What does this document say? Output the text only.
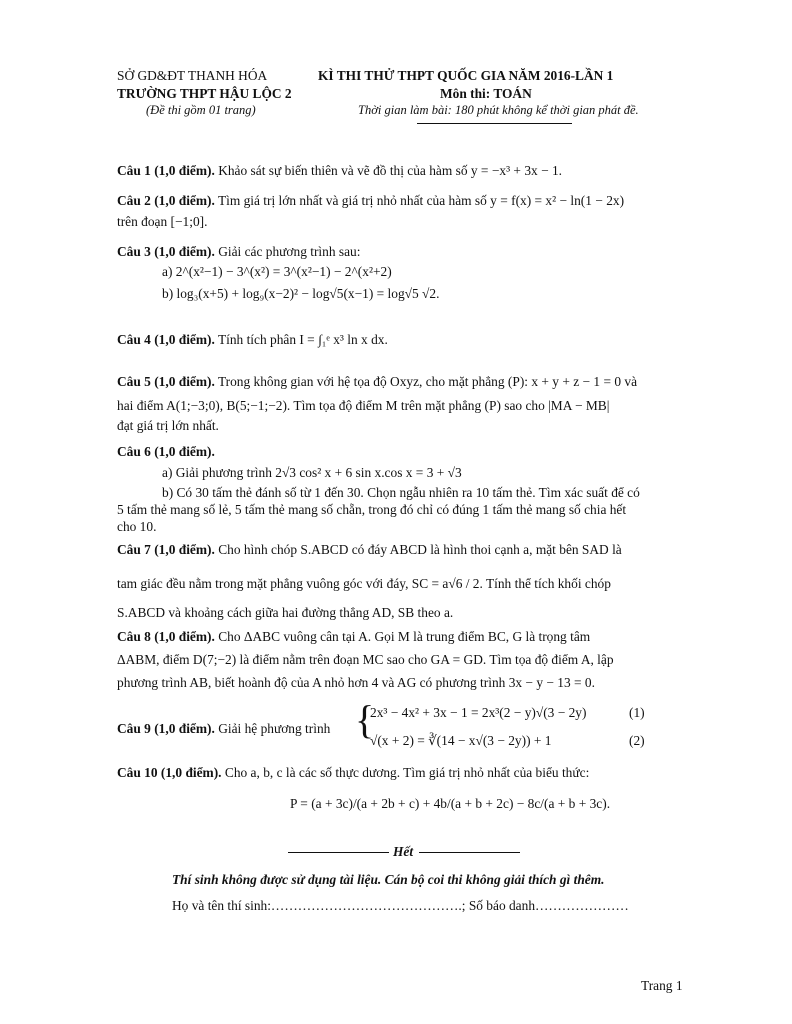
SỞ GD&ĐT THANH HÓA
TRƯỜNG THPT HẬU LỘC 2
(Đề thi gồm 01 trang)
KÌ THI THỬ THPT QUỐC GIA NĂM 2016-LẦN 1
Môn thi: TOÁN
Thời gian làm bài: 180 phút không kể thời gian phát đề.
Câu 1 (1,0 điểm). Khảo sát sự biến thiên và vẽ đồ thị của hàm số y = −x³ + 3x − 1.
Câu 2 (1,0 điểm). Tìm giá trị lớn nhất và giá trị nhỏ nhất của hàm số y = f(x) = x² − ln(1 − 2x)
trên đoạn [−1;0].
Câu 3 (1,0 điểm). Giải các phương trình sau:
a) 2^(x²−1) − 3^(x²) = 3^(x²−1) − 2^(x²+2)
b) log₃(x+5) + log₉(x−2)² − log√5(x−1) = log√5 √2.
Câu 4 (1,0 điểm). Tính tích phân I = ∫₁ᵉ x³ ln x dx.
Câu 5 (1,0 điểm). Trong không gian với hệ tọa độ Oxyz, cho mặt phẳng (P): x + y + z − 1 = 0 và
hai điểm A(1;−3;0), B(5;−1;−2). Tìm tọa độ điểm M trên mặt phẳng (P) sao cho |MA − MB|
đạt giá trị lớn nhất.
Câu 6 (1,0 điểm).
a) Giải phương trình 2√3 cos² x + 6 sin x.cos x = 3 + √3
b) Có 30 tấm thẻ đánh số từ 1 đến 30. Chọn ngẫu nhiên ra 10 tấm thẻ. Tìm xác suất để có
5 tấm thẻ mang số lẻ, 5 tấm thẻ mang số chẵn, trong đó chỉ có đúng 1 tấm thẻ mang số chia hết
cho 10.
Câu 7 (1,0 điểm). Cho hình chóp S.ABCD có đáy ABCD là hình thoi cạnh a, mặt bên SAD là
tam giác đều nằm trong mặt phẳng vuông góc với đáy, SC = a√6 / 2. Tính thể tích khối chóp
S.ABCD và khoảng cách giữa hai đường thẳng AD, SB theo a.
Câu 8 (1,0 điểm). Cho ΔABC vuông cân tại A. Gọi M là trung điểm BC, G là trọng tâm
ΔABM, điểm D(7;−2) là điểm nằm trên đoạn MC sao cho GA = GD. Tìm tọa độ điểm A, lập
phương trình AB, biết hoành độ của A nhỏ hơn 4 và AG có phương trình 3x − y − 13 = 0.
Câu 9 (1,0 điểm). Giải hệ phương trình {
2x³ − 4x² + 3x − 1 = 2x³(2 − y)√(3 − 2y)	(1)
√(x + 2) = ∛(14 − x√(3 − 2y)) + 1	(2)
Câu 10 (1,0 điểm). Cho a, b, c là các số thực dương. Tìm giá trị nhỏ nhất của biểu thức:
P = (a + 3c)/(a + 2b + c) + 4b/(a + b + 2c) − 8c/(a + b + 3c).
Hết
Thí sinh không được sử dụng tài liệu. Cán bộ coi thi không giải thích gì thêm.
Họ và tên thí sinh:…………………………………….; Số báo danh…………………
Trang 1
